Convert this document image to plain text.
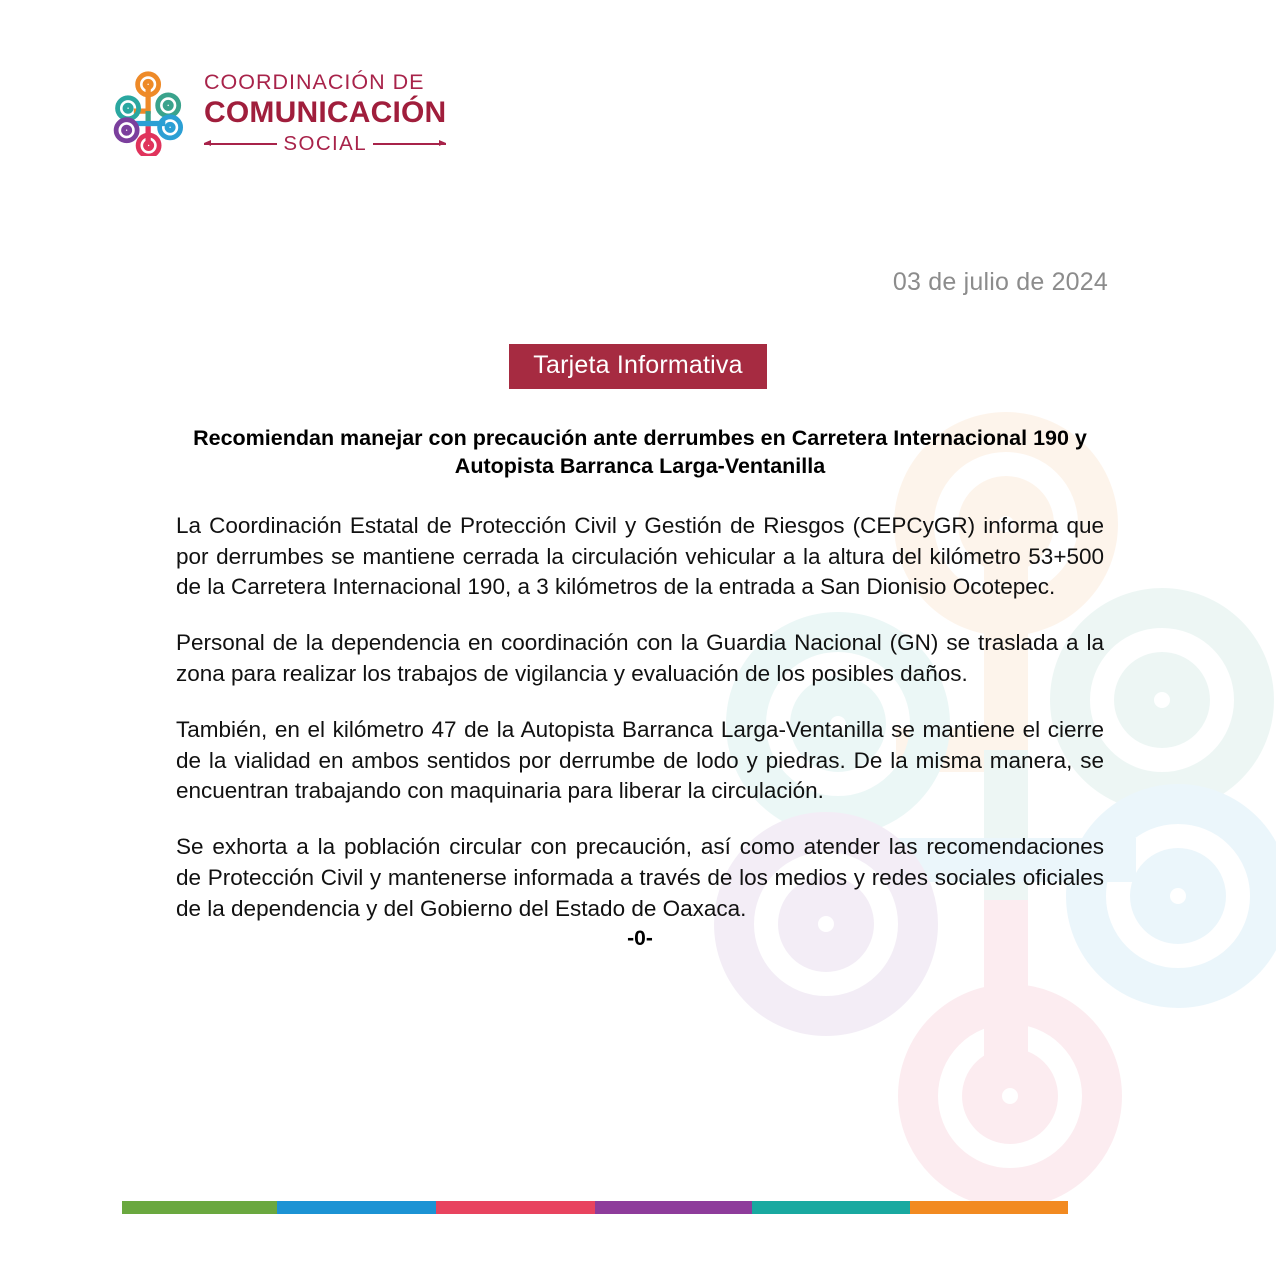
COORDINACIÓN DE
COMUNICACIÓN
SOCIAL
03 de julio de 2024
Tarjeta Informativa
Recomiendan manejar con precaución ante derrumbes en Carretera Internacional 190 y Autopista Barranca Larga-Ventanilla

La Coordinación Estatal de Protección Civil y Gestión de Riesgos (CEPCyGR) informa que por derrumbes se mantiene cerrada la circulación vehicular a la altura del kilómetro 53+500 de la Carretera Internacional 190, a 3 kilómetros de la entrada a San Dionisio Ocotepec.

Personal de la dependencia en coordinación con la Guardia Nacional (GN) se traslada a la zona para realizar los trabajos de vigilancia y evaluación de los posibles daños.

También, en el kilómetro 47 de la Autopista Barranca Larga-Ventanilla se mantiene el cierre de la vialidad en ambos sentidos por derrumbe de lodo y piedras. De la misma manera, se encuentran trabajando con maquinaria para liberar la circulación.

Se exhorta a la población circular con precaución, así como atender las recomendaciones de Protección Civil y mantenerse informada a través de los medios y redes sociales oficiales de la dependencia y del Gobierno del Estado de Oaxaca.

-0-
